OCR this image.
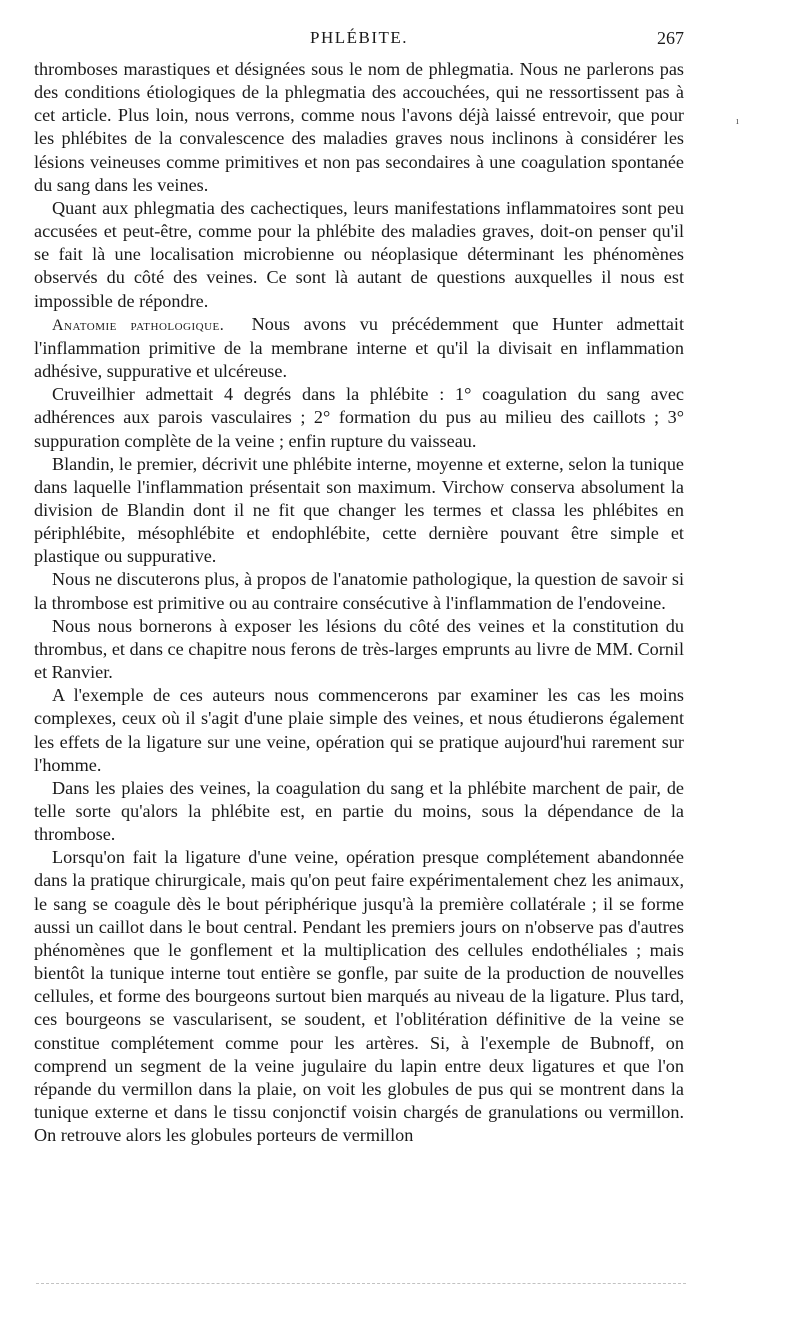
PHLÉBITE.	267

thromboses marastiques et désignées sous le nom de phlegmatia. Nous ne parlerons pas des conditions étiologiques de la phlegmatia des accouchées, qui ne ressortissent pas à cet article. Plus loin, nous verrons, comme nous l'avons déjà laissé entrevoir, que pour les phlébites de la convalescence des maladies graves nous inclinons à considérer les lésions veineuses comme primitives et non pas secondaires à une coagulation spontanée du sang dans les veines.

Quant aux phlegmatia des cachectiques, leurs manifestations inflammatoires sont peu accusées et peut-être, comme pour la phlébite des maladies graves, doit-on penser qu'il se fait là une localisation microbienne ou néoplasique déterminant les phénomènes observés du côté des veines. Ce sont là autant de questions auxquelles il nous est impossible de répondre.

Anatomie pathologique. Nous avons vu précédemment que Hunter admettait l'inflammation primitive de la membrane interne et qu'il la divisait en inflammation adhésive, suppurative et ulcéreuse.

Cruveilhier admettait 4 degrés dans la phlébite : 1° coagulation du sang avec adhérences aux parois vasculaires ; 2° formation du pus au milieu des caillots ; 3° suppuration complète de la veine ; enfin rupture du vaisseau.

Blandin, le premier, décrivit une phlébite interne, moyenne et externe, selon la tunique dans laquelle l'inflammation présentait son maximum. Virchow conserva absolument la division de Blandin dont il ne fit que changer les termes et classa les phlébites en périphlébite, mésophlébite et endophlébite, cette dernière pouvant être simple et plastique ou suppurative.

Nous ne discuterons plus, à propos de l'anatomie pathologique, la question de savoir si la thrombose est primitive ou au contraire consécutive à l'inflammation de l'endoveine.

Nous nous bornerons à exposer les lésions du côté des veines et la constitution du thrombus, et dans ce chapitre nous ferons de très-larges emprunts au livre de MM. Cornil et Ranvier.

A l'exemple de ces auteurs nous commencerons par examiner les cas les moins complexes, ceux où il s'agit d'une plaie simple des veines, et nous étudierons également les effets de la ligature sur une veine, opération qui se pratique aujourd'hui rarement sur l'homme.

Dans les plaies des veines, la coagulation du sang et la phlébite marchent de pair, de telle sorte qu'alors la phlébite est, en partie du moins, sous la dépendance de la thrombose.

Lorsqu'on fait la ligature d'une veine, opération presque complétement abandonnée dans la pratique chirurgicale, mais qu'on peut faire expérimentalement chez les animaux, le sang se coagule dès le bout périphérique jusqu'à la première collatérale ; il se forme aussi un caillot dans le bout central. Pendant les premiers jours on n'observe pas d'autres phénomènes que le gonflement et la multiplication des cellules endothéliales ; mais bientôt la tunique interne tout entière se gonfle, par suite de la production de nouvelles cellules, et forme des bourgeons surtout bien marqués au niveau de la ligature. Plus tard, ces bourgeons se vascularisent, se soudent, et l'oblitération définitive de la veine se constitue complétement comme pour les artères. Si, à l'exemple de Bubnoff, on comprend un segment de la veine jugulaire du lapin entre deux ligatures et que l'on répande du vermillon dans la plaie, on voit les globules de pus qui se montrent dans la tunique externe et dans le tissu conjonctif voisin chargés de granulations ou vermillon. On retrouve alors les globules porteurs de vermillon

ı
